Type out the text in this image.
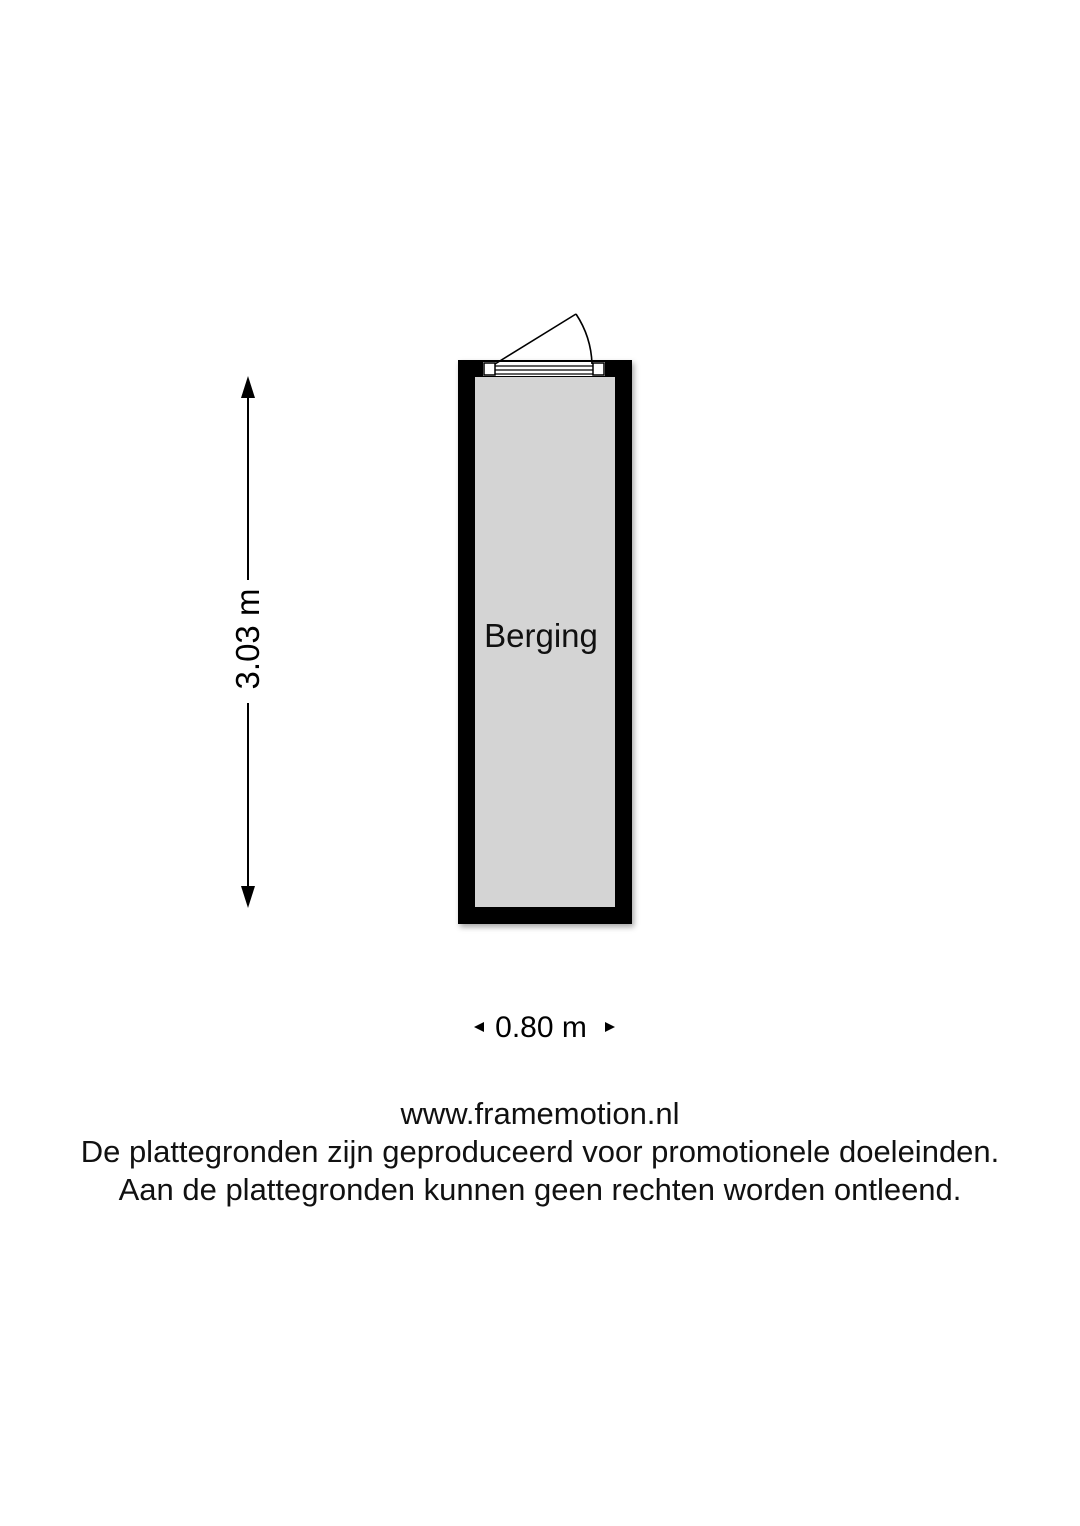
Berging
3.03 m
0.80 m
www.framemotion.nl
De plattegronden zijn geproduceerd voor promotionele doeleinden.
Aan de plattegronden kunnen geen rechten worden ontleend.
